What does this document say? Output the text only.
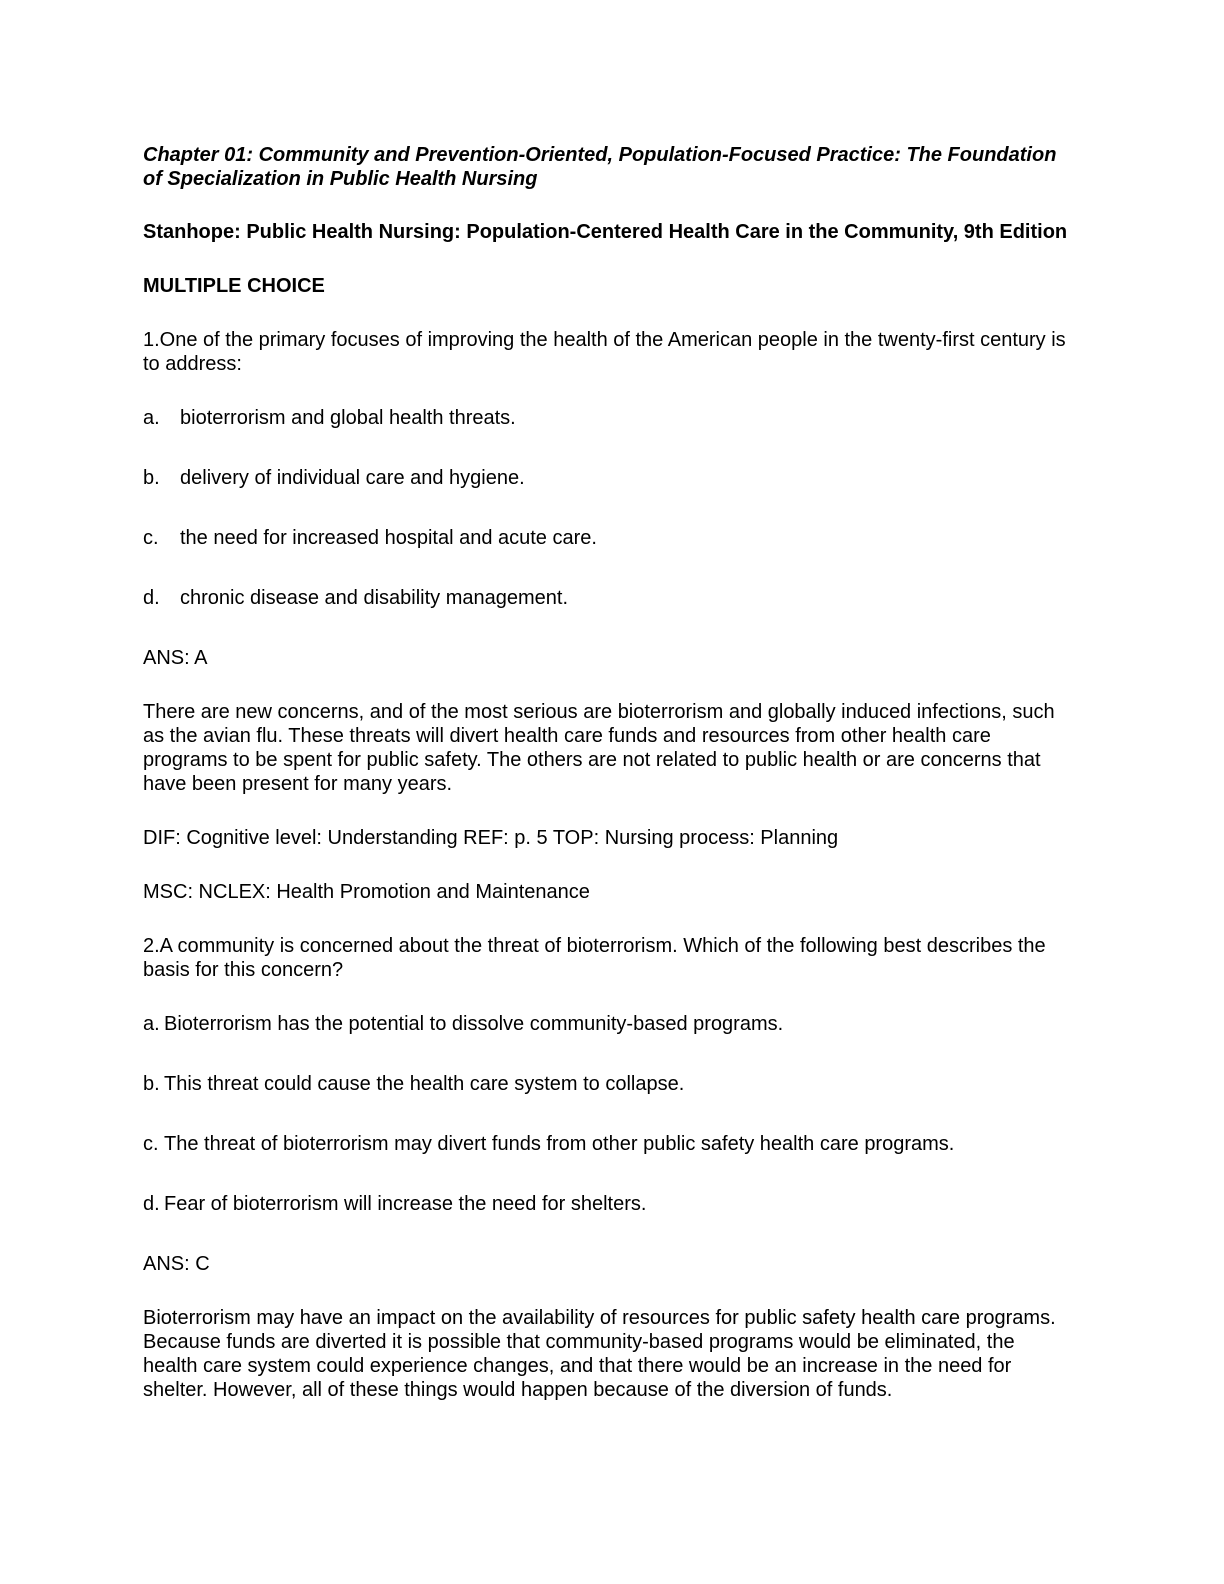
Chapter 01: Community and Prevention-Oriented, Population-Focused Practice: The Foundation of Specialization in Public Health Nursing

Stanhope: Public Health Nursing: Population-Centered Health Care in the Community, 9th Edition

MULTIPLE CHOICE

1.One of the primary focuses of improving the health of the American people in the twenty-first century is to address:

a.	bioterrorism and global health threats.
b.	delivery of individual care and hygiene.
c.	the need for increased hospital and acute care.
d.	chronic disease and disability management.

ANS: A

There are new concerns, and of the most serious are bioterrorism and globally induced infections, such as the avian flu. These threats will divert health care funds and resources from other health care programs to be spent for public safety. The others are not related to public health or are concerns that have been present for many years.

DIF: Cognitive level: Understanding REF: p. 5 TOP: Nursing process: Planning

MSC: NCLEX: Health Promotion and Maintenance

2.A community is concerned about the threat of bioterrorism. Which of the following best describes the basis for this concern?

a. Bioterrorism has the potential to dissolve community-based programs.
b. This threat could cause the health care system to collapse.
c. The threat of bioterrorism may divert funds from other public safety health care programs.
d. Fear of bioterrorism will increase the need for shelters.

ANS: C

Bioterrorism may have an impact on the availability of resources for public safety health care programs. Because funds are diverted it is possible that community-based programs would be eliminated, the health care system could experience changes, and that there would be an increase in the need for shelter. However, all of these things would happen because of the diversion of funds.
